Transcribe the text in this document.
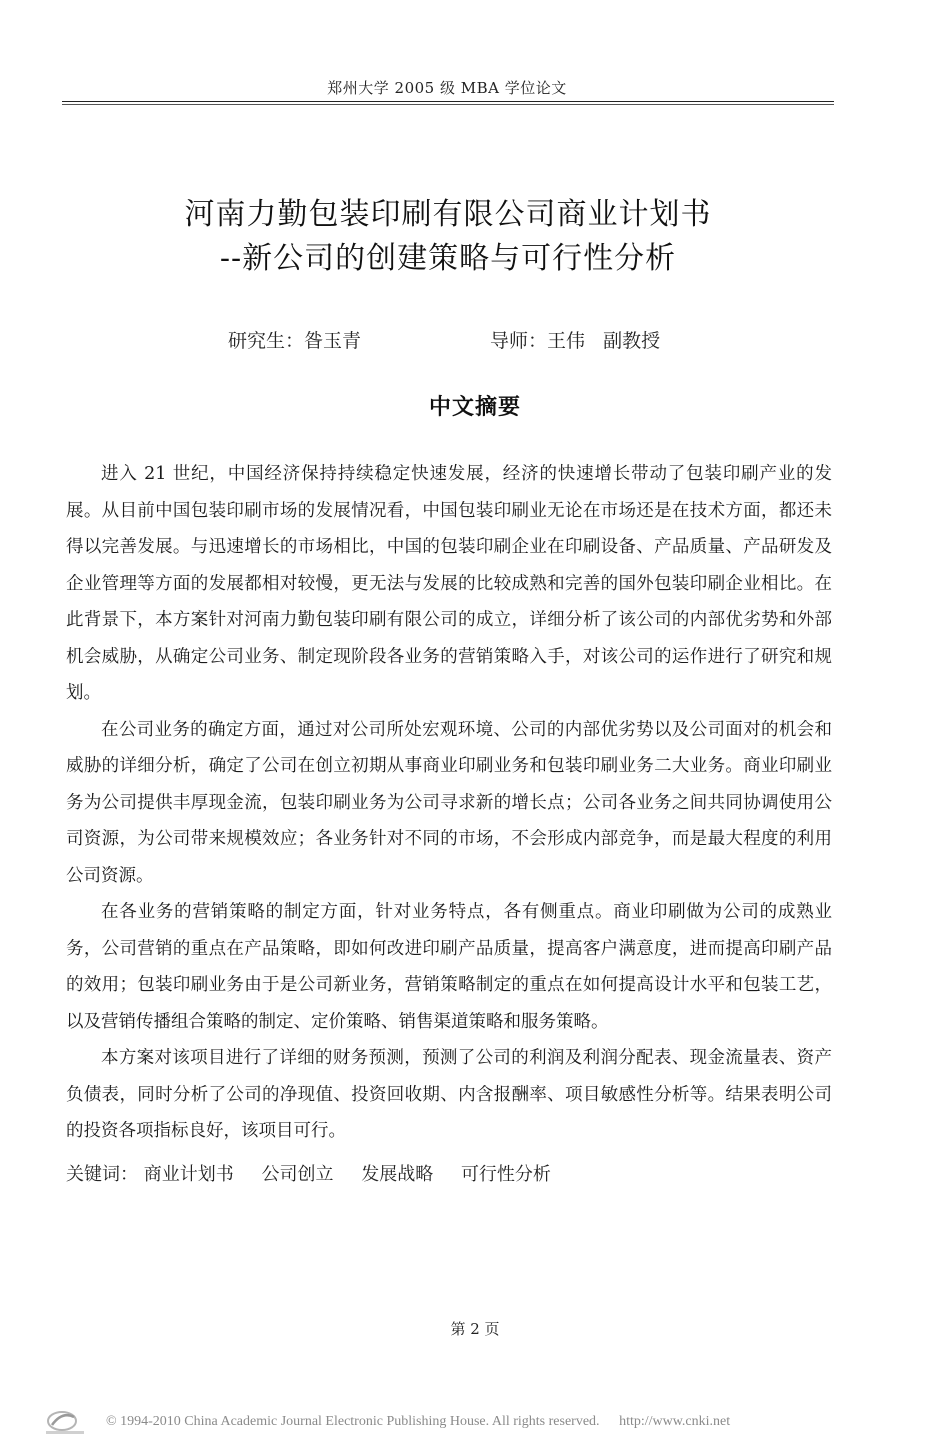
郑州大学 2005 级 MBA 学位论文
河南力勤包装印刷有限公司商业计划书
--新公司的创建策略与可行性分析
研究生：昝玉青	导师：王伟   副教授
中文摘要

进入 21 世纪，中国经济保持持续稳定快速发展，经济的快速增长带动了包装印刷产业的发展。从目前中国包装印刷市场的发展情况看，中国包装印刷业无论在市场还是在技术方面，都还未得以完善发展。与迅速增长的市场相比，中国的包装印刷企业在印刷设备、产品质量、产品研发及企业管理等方面的发展都相对较慢，更无法与发展的比较成熟和完善的国外包装印刷企业相比。在此背景下，本方案针对河南力勤包装印刷有限公司的成立，详细分析了该公司的内部优劣势和外部机会威胁，从确定公司业务、制定现阶段各业务的营销策略入手，对该公司的运作进行了研究和规划。

在公司业务的确定方面，通过对公司所处宏观环境、公司的内部优劣势以及公司面对的机会和威胁的详细分析，确定了公司在创立初期从事商业印刷业务和包装印刷业务二大业务。商业印刷业务为公司提供丰厚现金流，包装印刷业务为公司寻求新的增长点；公司各业务之间共同协调使用公司资源，为公司带来规模效应；各业务针对不同的市场，不会形成内部竞争，而是最大程度的利用公司资源。

在各业务的营销策略的制定方面，针对业务特点，各有侧重点。商业印刷做为公司的成熟业务，公司营销的重点在产品策略，即如何改进印刷产品质量，提高客户满意度，进而提高印刷产品的效用；包装印刷业务由于是公司新业务，营销策略制定的重点在如何提高设计水平和包装工艺，以及营销传播组合策略的制定、定价策略、销售渠道策略和服务策略。

本方案对该项目进行了详细的财务预测，预测了公司的利润及利润分配表、现金流量表、资产负债表，同时分析了公司的净现值、投资回收期、内含报酬率、项目敏感性分析等。结果表明公司的投资各项指标良好，该项目可行。

关键词： 商业计划书 公司创立 发展战略 可行性分析
第 2 页
© 1994-2010 China Academic Journal Electronic Publishing House. All rights reserved. http://www.cnki.net
